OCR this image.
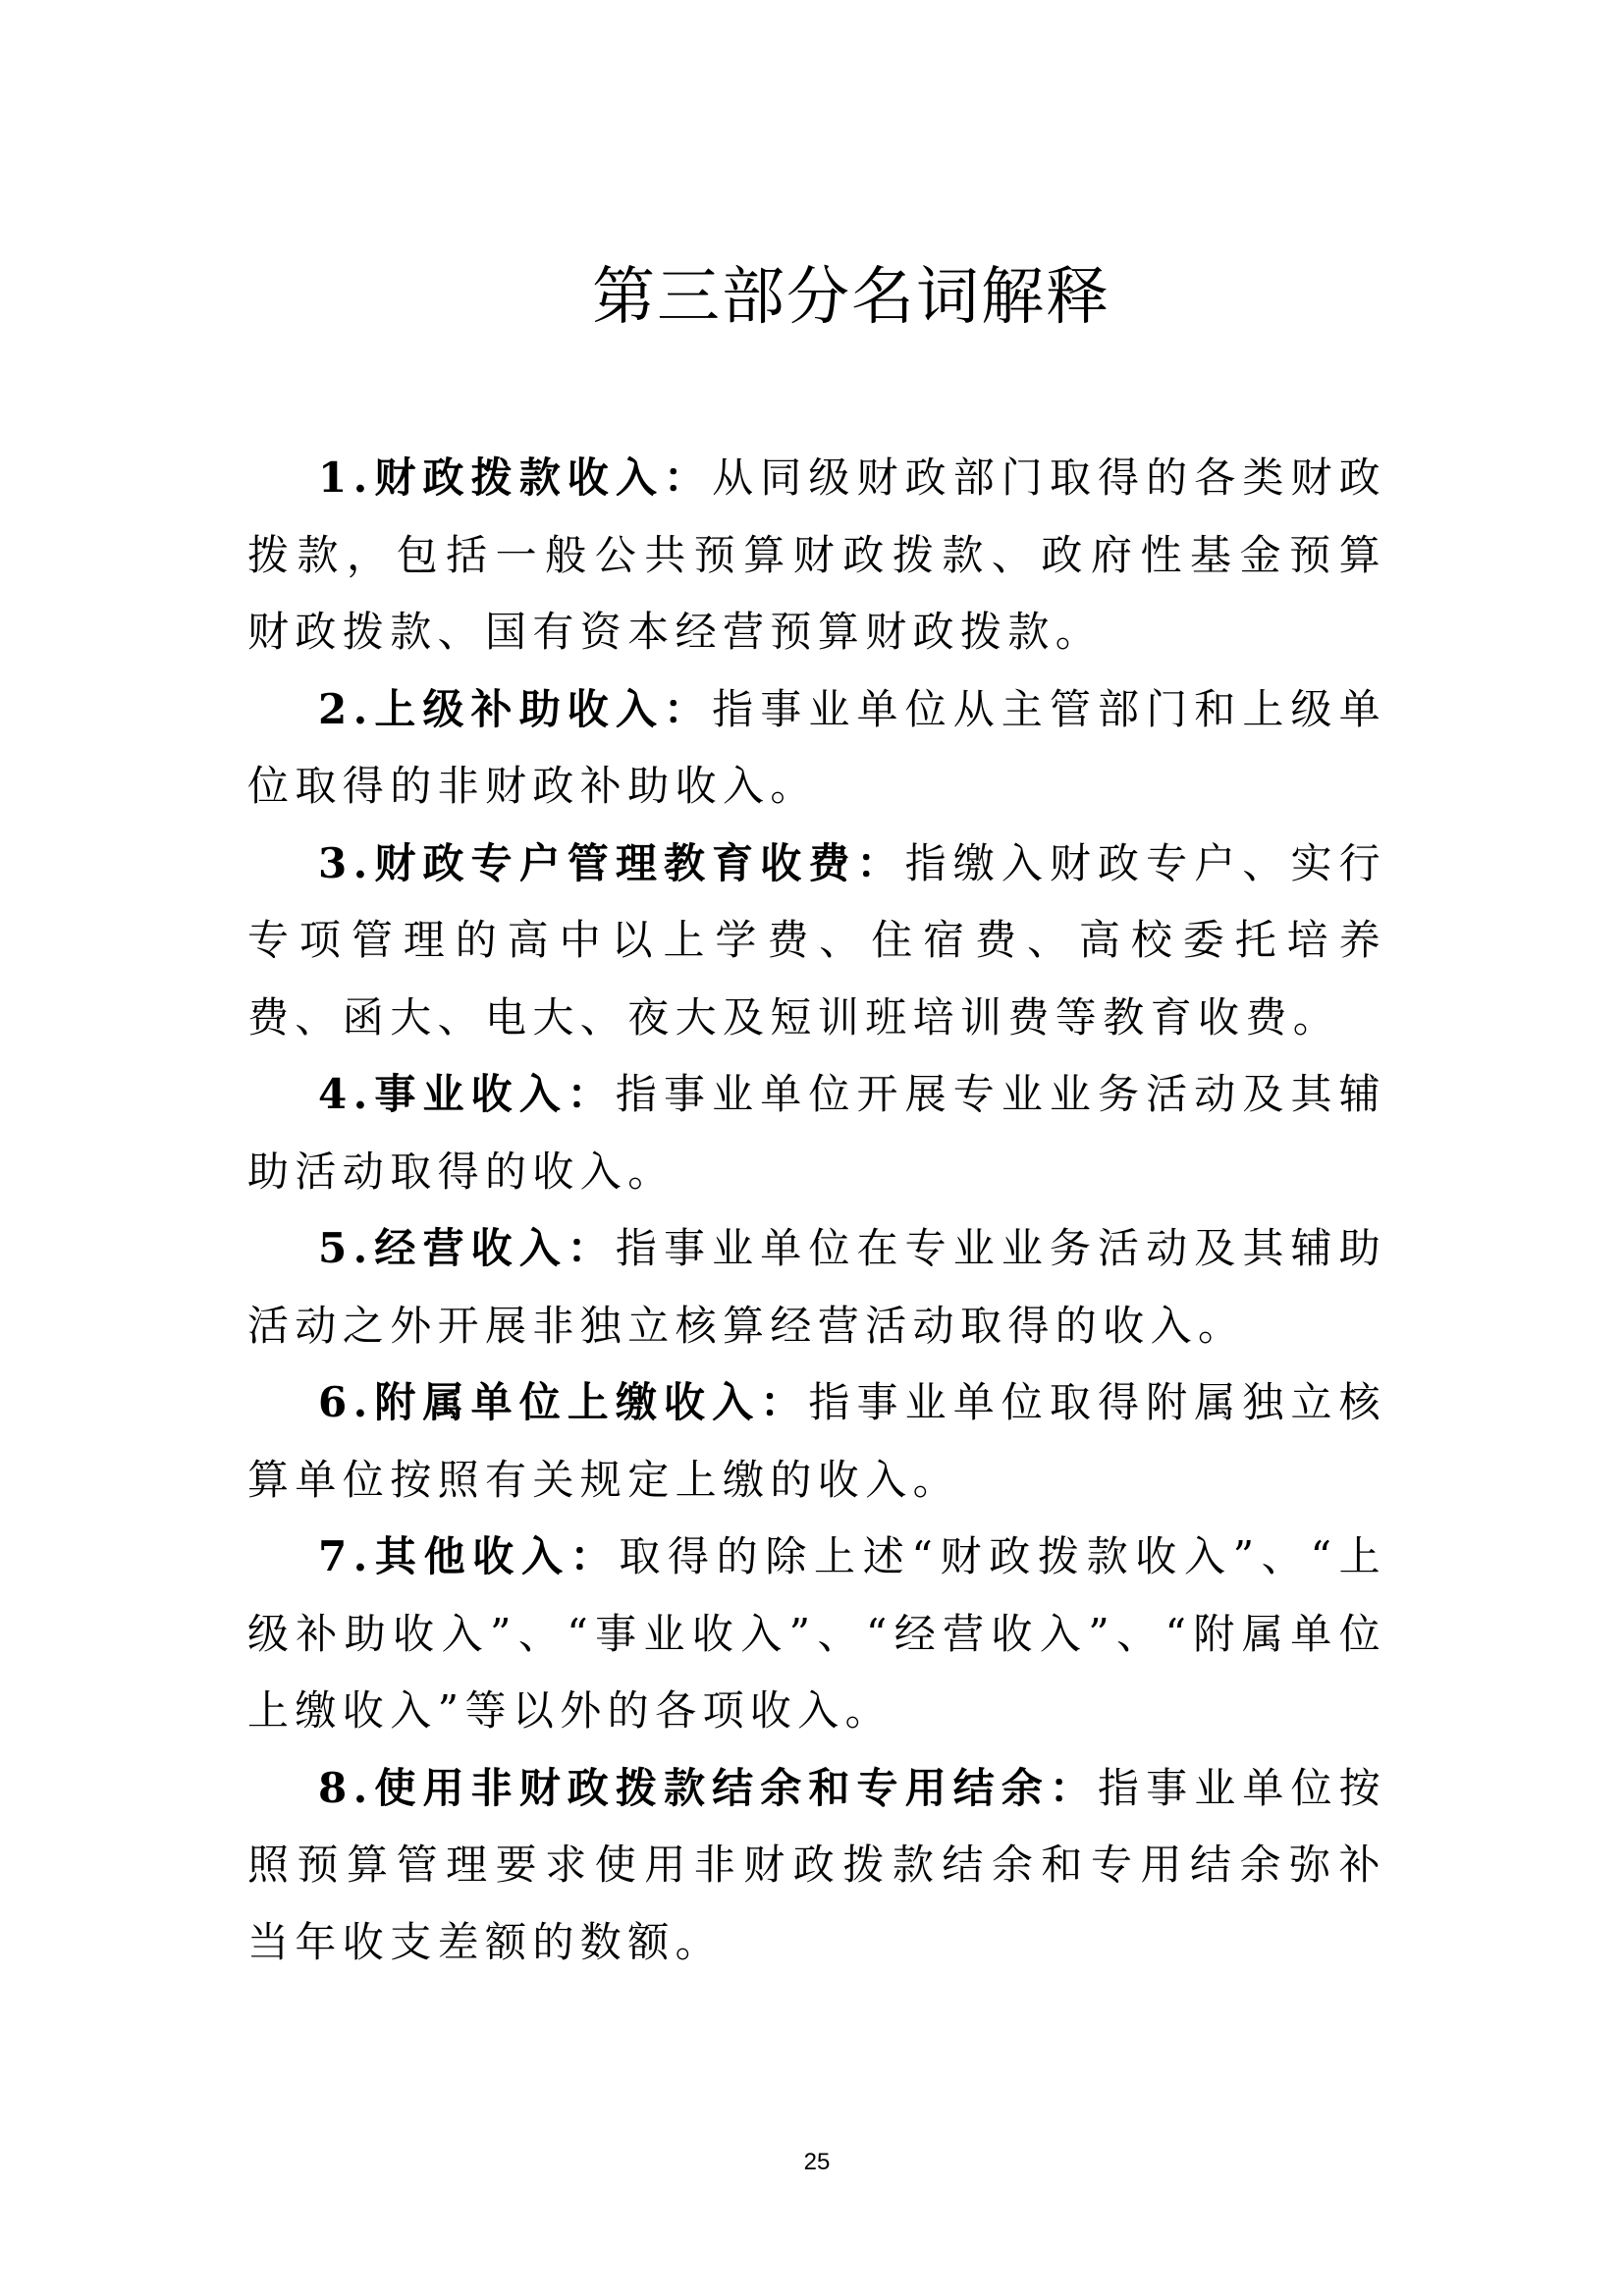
第三部分名词解释

1.财政拨款收入：从同级财政部门取得的各类财政拨款，包括一般公共预算财政拨款、政府性基金预算财政拨款、国有资本经营预算财政拨款。

2.上级补助收入：指事业单位从主管部门和上级单位取得的非财政补助收入。

3.财政专户管理教育收费：指缴入财政专户、实行专项管理的高中以上学费、住宿费、高校委托培养费、函大、电大、夜大及短训班培训费等教育收费。

4.事业收入：指事业单位开展专业业务活动及其辅助活动取得的收入。

5.经营收入：指事业单位在专业业务活动及其辅助活动之外开展非独立核算经营活动取得的收入。

6.附属单位上缴收入：指事业单位取得附属独立核算单位按照有关规定上缴的收入。

7.其他收入：取得的除上述“财政拨款收入”、“上级补助收入”、“事业收入”、“经营收入”、“附属单位上缴收入”等以外的各项收入。

8.使用非财政拨款结余和专用结余：指事业单位按照预算管理要求使用非财政拨款结余和专用结余弥补当年收支差额的数额。

25
